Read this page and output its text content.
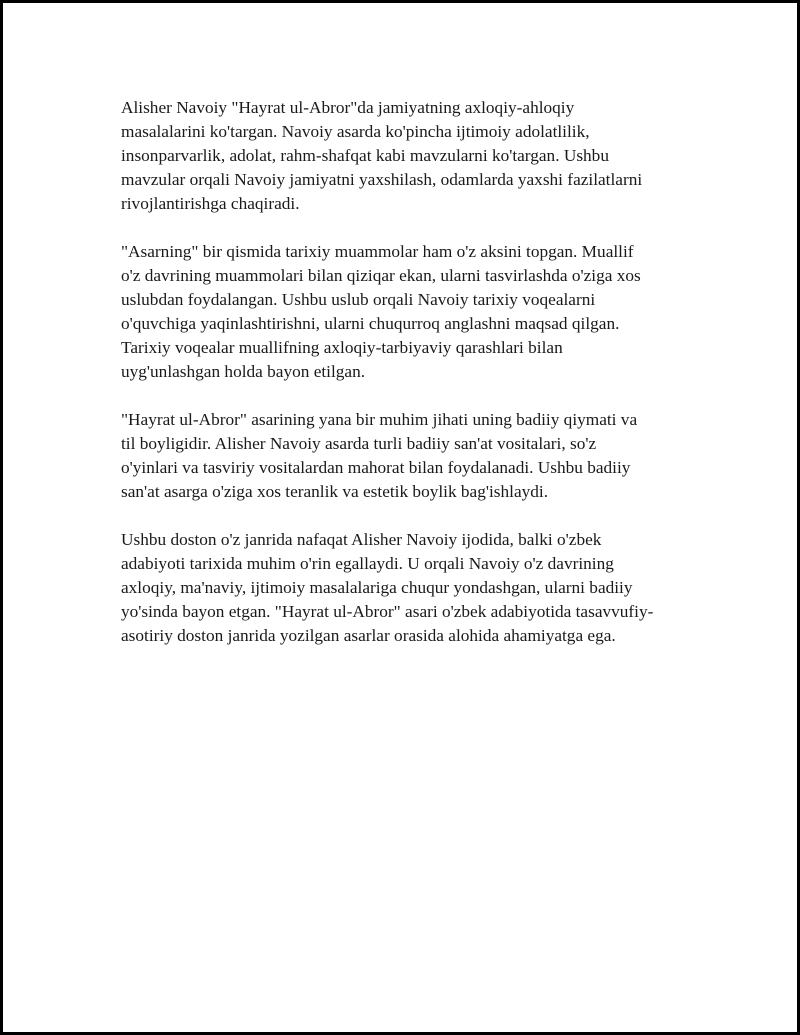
Alisher Navoiy "Hayrat ul-Abror"da jamiyatning axloqiy-ahloqiy
masalalarini ko'targan. Navoiy asarda ko'pincha ijtimoiy adolatlilik,
insonparvarlik, adolat, rahm-shafqat kabi mavzularni ko'targan. Ushbu
mavzular orqali Navoiy jamiyatni yaxshilash, odamlarda yaxshi fazilatlarni
rivojlantirishga chaqiradi.

"Asarning" bir qismida tarixiy muammolar ham o'z aksini topgan. Muallif
o'z davrining muammolari bilan qiziqar ekan, ularni tasvirlashda o'ziga xos
uslubdan foydalangan. Ushbu uslub orqali Navoiy tarixiy voqealarni
o'quvchiga yaqinlashtirishni, ularni chuqurroq anglashni maqsad qilgan.
Tarixiy voqealar muallifning axloqiy-tarbiyaviy qarashlari bilan
uyg'unlashgan holda bayon etilgan.

"Hayrat ul-Abror" asarining yana bir muhim jihati uning badiiy qiymati va
til boyligidir. Alisher Navoiy asarda turli badiiy san'at vositalari, so'z
o'yinlari va tasviriy vositalardan mahorat bilan foydalanadi. Ushbu badiiy
san'at asarga o'ziga xos teranlik va estetik boylik bag'ishlaydi.

Ushbu doston o'z janrida nafaqat Alisher Navoiy ijodida, balki o'zbek
adabiyoti tarixida muhim o'rin egallaydi. U orqali Navoiy o'z davrining
axloqiy, ma'naviy, ijtimoiy masalalariga chuqur yondashgan, ularni badiiy
yo'sinda bayon etgan. "Hayrat ul-Abror" asari o'zbek adabiyotida tasavvufiy-
asotiriy doston janrida yozilgan asarlar orasida alohida ahamiyatga ega.
